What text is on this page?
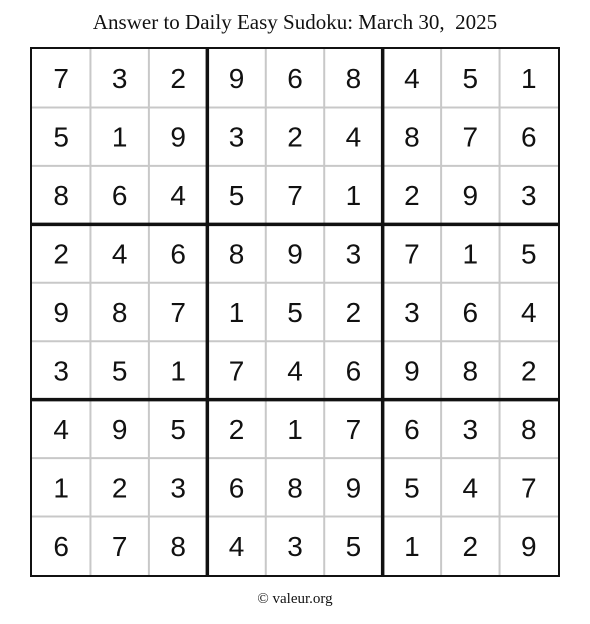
Answer to Daily Easy Sudoku: March 30,  2025
7 3 2 9 6 8 4 5 1
5 1 9 3 2 4 8 7 6
8 6 4 5 7 1 2 9 3
2 4 6 8 9 3 7 1 5
9 8 7 1 5 2 3 6 4
3 5 1 7 4 6 9 8 2
4 9 5 2 1 7 6 3 8
1 2 3 6 8 9 5 4 7
6 7 8 4 3 5 1 2 9
© valeur.org
